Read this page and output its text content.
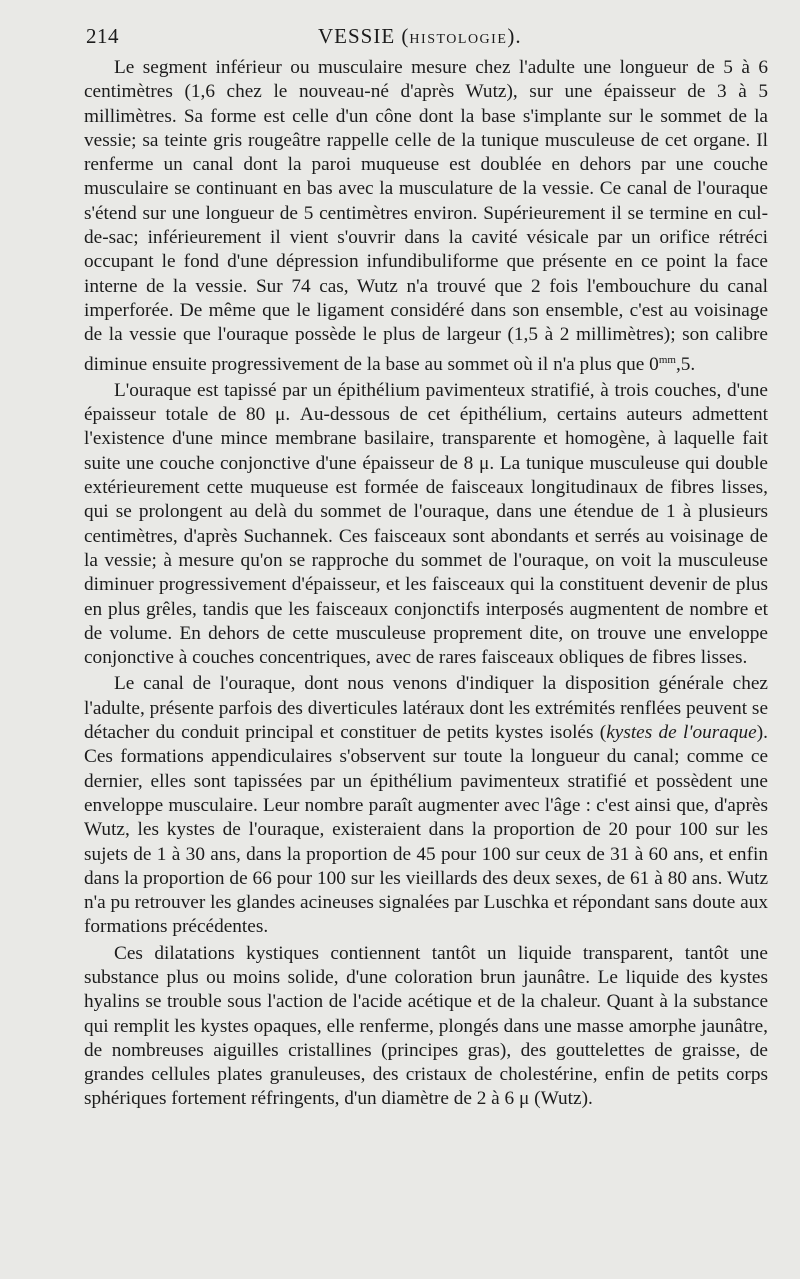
214	VESSIE (HISTOLOGIE).

Le segment inférieur ou musculaire mesure chez l'adulte une longueur de 5 à 6 centimètres (1,6 chez le nouveau-né d'après Wutz), sur une épaisseur de 3 à 5 millimètres. Sa forme est celle d'un cône dont la base s'implante sur le sommet de la vessie; sa teinte gris rougeâtre rappelle celle de la tunique musculeuse de cet organe. Il renferme un canal dont la paroi muqueuse est doublée en dehors par une couche musculaire se continuant en bas avec la musculature de la vessie. Ce canal de l'ouraque s'étend sur une longueur de 5 centimètres environ. Supérieurement il se termine en cul-de-sac; inférieurement il vient s'ouvrir dans la cavité vésicale par un orifice rétréci occupant le fond d'une dépression infundibuliforme que présente en ce point la face interne de la vessie. Sur 74 cas, Wutz n'a trouvé que 2 fois l'embouchure du canal imperforée. De même que le ligament considéré dans son ensemble, c'est au voisinage de la vessie que l'ouraque possède le plus de largeur (1,5 à 2 millimètres); son calibre diminue ensuite progressivement de la base au sommet où il n'a plus que $0^{mm},5$.

L'ouraque est tapissé par un épithélium pavimenteux stratifié, à trois couches, d'une épaisseur totale de 80 μ. Au-dessous de cet épithélium, certains auteurs admettent l'existence d'une mince membrane basilaire, transparente et homogène, à laquelle fait suite une couche conjonctive d'une épaisseur de 8 μ. La tunique musculeuse qui double extérieurement cette muqueuse est formée de faisceaux longitudinaux de fibres lisses, qui se prolongent au delà du sommet de l'ouraque, dans une étendue de 1 à plusieurs centimètres, d'après Suchannek. Ces faisceaux sont abondants et serrés au voisinage de la vessie; à mesure qu'on se rapproche du sommet de l'ouraque, on voit la musculeuse diminuer progressivement d'épaisseur, et les faisceaux qui la constituent devenir de plus en plus grêles, tandis que les faisceaux conjonctifs interposés augmentent de nombre et de volume. En dehors de cette musculeuse proprement dite, on trouve une enveloppe conjonctive à couches concentriques, avec de rares faisceaux obliques de fibres lisses.

Le canal de l'ouraque, dont nous venons d'indiquer la disposition générale chez l'adulte, présente parfois des diverticules latéraux dont les extrémités renflées peuvent se détacher du conduit principal et constituer de petits kystes isolés (kystes de l'ouraque). Ces formations appendiculaires s'observent sur toute la longueur du canal; comme ce dernier, elles sont tapissées par un épithélium pavimenteux stratifié et possèdent une enveloppe musculaire. Leur nombre paraît augmenter avec l'âge : c'est ainsi que, d'après Wutz, les kystes de l'ouraque, existeraient dans la proportion de 20 pour 100 sur les sujets de 1 à 30 ans, dans la proportion de 45 pour 100 sur ceux de 31 à 60 ans, et enfin dans la proportion de 66 pour 100 sur les vieillards des deux sexes, de 61 à 80 ans. Wutz n'a pu retrouver les glandes acineuses signalées par Luschka et répondant sans doute aux formations précédentes.

Ces dilatations kystiques contiennent tantôt un liquide transparent, tantôt une substance plus ou moins solide, d'une coloration brun jaunâtre. Le liquide des kystes hyalins se trouble sous l'action de l'acide acétique et de la chaleur. Quant à la substance qui remplit les kystes opaques, elle renferme, plongés dans une masse amorphe jaunâtre, de nombreuses aiguilles cristallines (principes gras), des gouttelettes de graisse, de grandes cellules plates granuleuses, des cristaux de cholestérine, enfin de petits corps sphériques fortement réfringents, d'un diamètre de 2 à 6 μ (Wutz).
